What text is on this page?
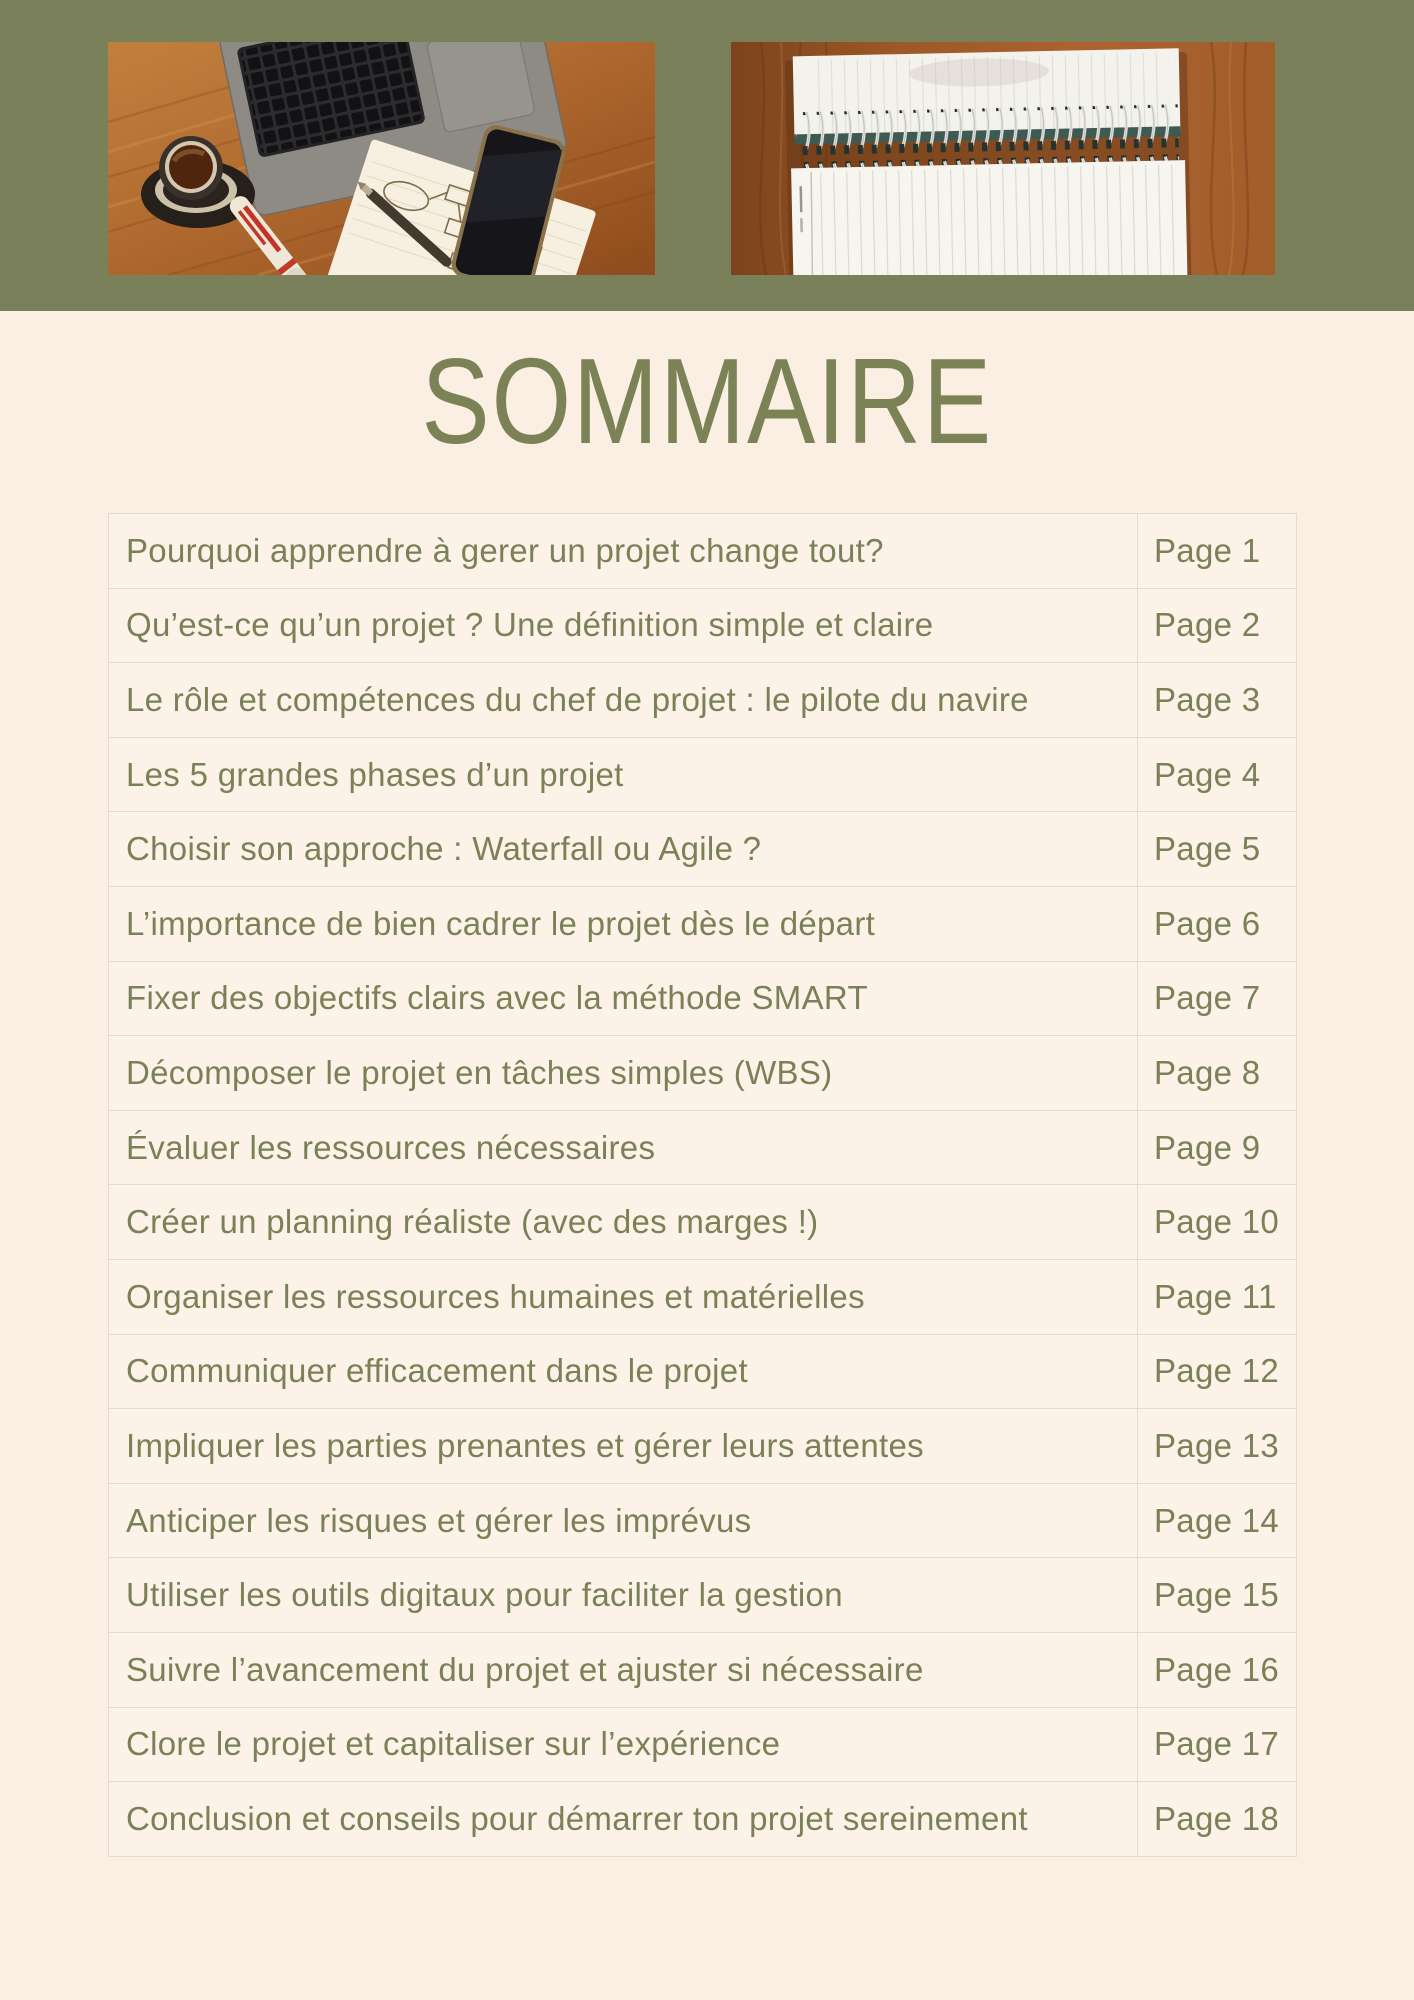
SOMMAIRE
Pourquoi apprendre à gerer un projet change tout?	Page 1
Qu’est-ce qu’un projet ? Une définition simple et claire	Page 2
Le rôle et compétences du chef de projet : le pilote du navire	Page 3
Les 5 grandes phases d’un projet	Page 4
Choisir son approche : Waterfall ou Agile ?	Page 5
L’importance de bien cadrer le projet dès le départ	Page 6
Fixer des objectifs clairs avec la méthode SMART	Page 7
Décomposer le projet en tâches simples (WBS)	Page 8
Évaluer les ressources nécessaires	Page 9
Créer un planning réaliste (avec des marges !)	Page 10
Organiser les ressources humaines et matérielles	Page 11
Communiquer efficacement dans le projet	Page 12
Impliquer les parties prenantes et gérer leurs attentes	Page 13
Anticiper les risques et gérer les imprévus	Page 14
Utiliser les outils digitaux pour faciliter la gestion	Page 15
Suivre l’avancement du projet et ajuster si nécessaire	Page 16
Clore le projet et capitaliser sur l’expérience	Page 17
Conclusion et conseils pour démarrer ton projet sereinement	Page 18
